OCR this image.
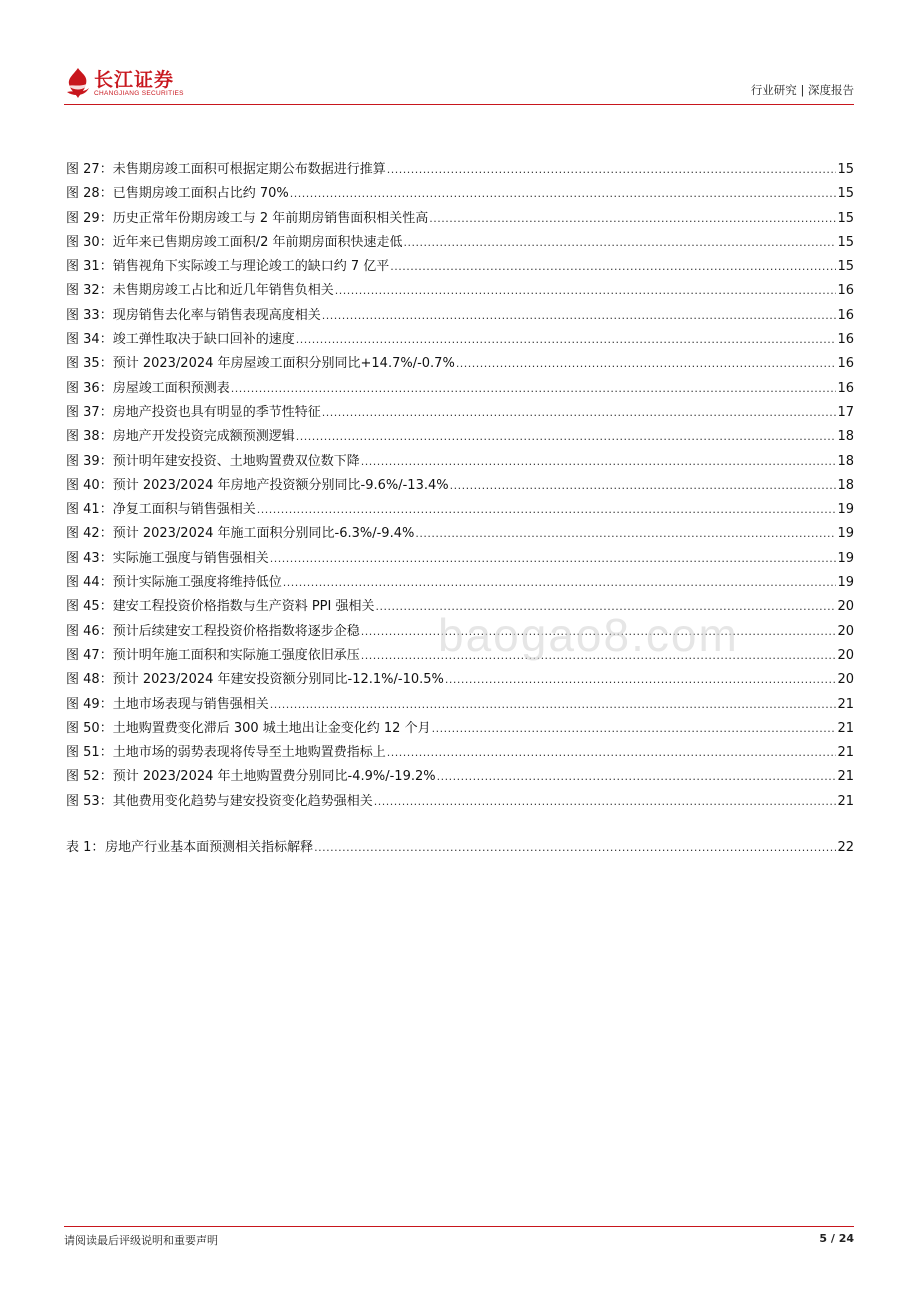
长江证券
CHANGJIANG SECURITIES	行业研究 | 深度报告
图 27：未售期房竣工面积可根据定期公布数据进行推算 .....	15
图 28：已售期房竣工面积占比约 70% .....	15
图 29：历史正常年份期房竣工与 2 年前期房销售面积相关性高 .....	15
图 30：近年来已售期房竣工面积/2 年前期房面积快速走低 .....	15
图 31：销售视角下实际竣工与理论竣工的缺口约 7 亿平 .....	15
图 32：未售期房竣工占比和近几年销售负相关 .....	16
图 33：现房销售去化率与销售表现高度相关 .....	16
图 34：竣工弹性取决于缺口回补的速度 .....	16
图 35：预计 2023/2024 年房屋竣工面积分别同比+14.7%/-0.7% .....	16
图 36：房屋竣工面积预测表 .....	16
图 37：房地产投资也具有明显的季节性特征 .....	17
图 38：房地产开发投资完成额预测逻辑 .....	18
图 39：预计明年建安投资、土地购置费双位数下降 .....	18
图 40：预计 2023/2024 年房地产投资额分别同比-9.6%/-13.4% .....	18
图 41：净复工面积与销售强相关 .....	19
图 42：预计 2023/2024 年施工面积分别同比-6.3%/-9.4% .....	19
图 43：实际施工强度与销售强相关 .....	19
图 44：预计实际施工强度将维持低位 .....	19
图 45：建安工程投资价格指数与生产资料 PPI 强相关 .....	20
图 46：预计后续建安工程投资价格指数将逐步企稳 .....	20
图 47：预计明年施工面积和实际施工强度依旧承压 .....	20
图 48：预计 2023/2024 年建安投资额分别同比-12.1%/-10.5% .....	20
图 49：土地市场表现与销售强相关 .....	21
图 50：土地购置费变化滞后 300 城土地出让金变化约 12 个月 .....	21
图 51：土地市场的弱势表现将传导至土地购置费指标上 .....	21
图 52：预计 2023/2024 年土地购置费分别同比-4.9%/-19.2% .....	21
图 53：其他费用变化趋势与建安投资变化趋势强相关 .....	21
表 1：房地产行业基本面预测相关指标解释 .....	22
baogao8.com
请阅读最后评级说明和重要声明	5 / 24
